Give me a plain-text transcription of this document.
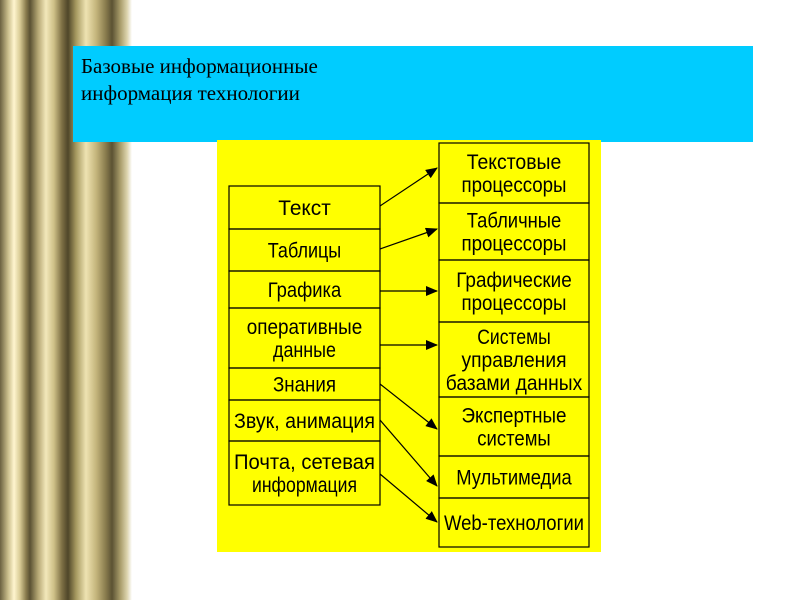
Базовые информационные
информация технологии
Текст
Таблицы
Графика
оперативные
данные
Знания
Звук, анимация
Почта, сетевая
информация
Текстовые
процессоры
Табличные
процессоры
Графические
процессоры
Системы
управления
базами данных
Экспертные
системы
Мультимедиа
Web-технологии
